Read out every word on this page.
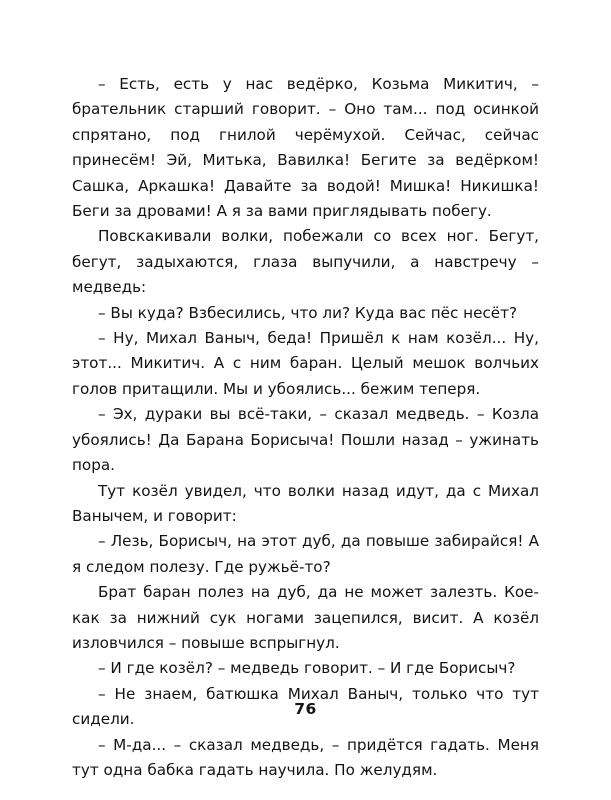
– Есть, есть у нас ведёрко, Козьма Микитич, – брательник старший говорит. – Оно там... под осинкой спрятано, под гнилой черёмухой. Сейчас, сейчас принесём! Эй, Митька, Вавилка! Бегите за ведёрком! Сашка, Аркашка! Давайте за водой! Мишка! Никишка! Беги за дровами! А я за вами приглядывать побегу.

Повскакивали волки, побежали со всех ног. Бегут, бегут, задыхаются, глаза выпучили, а навстречу – медведь:

– Вы куда? Взбесились, что ли? Куда вас пёс несёт?

– Ну, Михал Ваныч, беда! Пришёл к нам козёл... Ну, этот... Микитич. А с ним баран. Целый мешок волчьих голов притащили. Мы и убоялись... бежим теперя.

– Эх, дураки вы всё-таки, – сказал медведь. – Козла убоялись! Да Барана Борисыча! Пошли назад – ужинать пора.

Тут козёл увидел, что волки назад идут, да с Михал Ванычем, и говорит:

– Лезь, Борисыч, на этот дуб, да повыше забирайся! А я следом полезу. Где ружьё-то?

Брат баран полез на дуб, да не может залезть. Кое-как за нижний сук ногами зацепился, висит. А козёл изловчился – повыше вспрыгнул.

– И где козёл? – медведь говорит. – И где Борисыч?

– Не знаем, батюшка Михал Ваныч, только что тут сидели.

– М-да... – сказал медведь, – придётся гадать. Меня тут одна бабка гадать научила. По желудям.

76
